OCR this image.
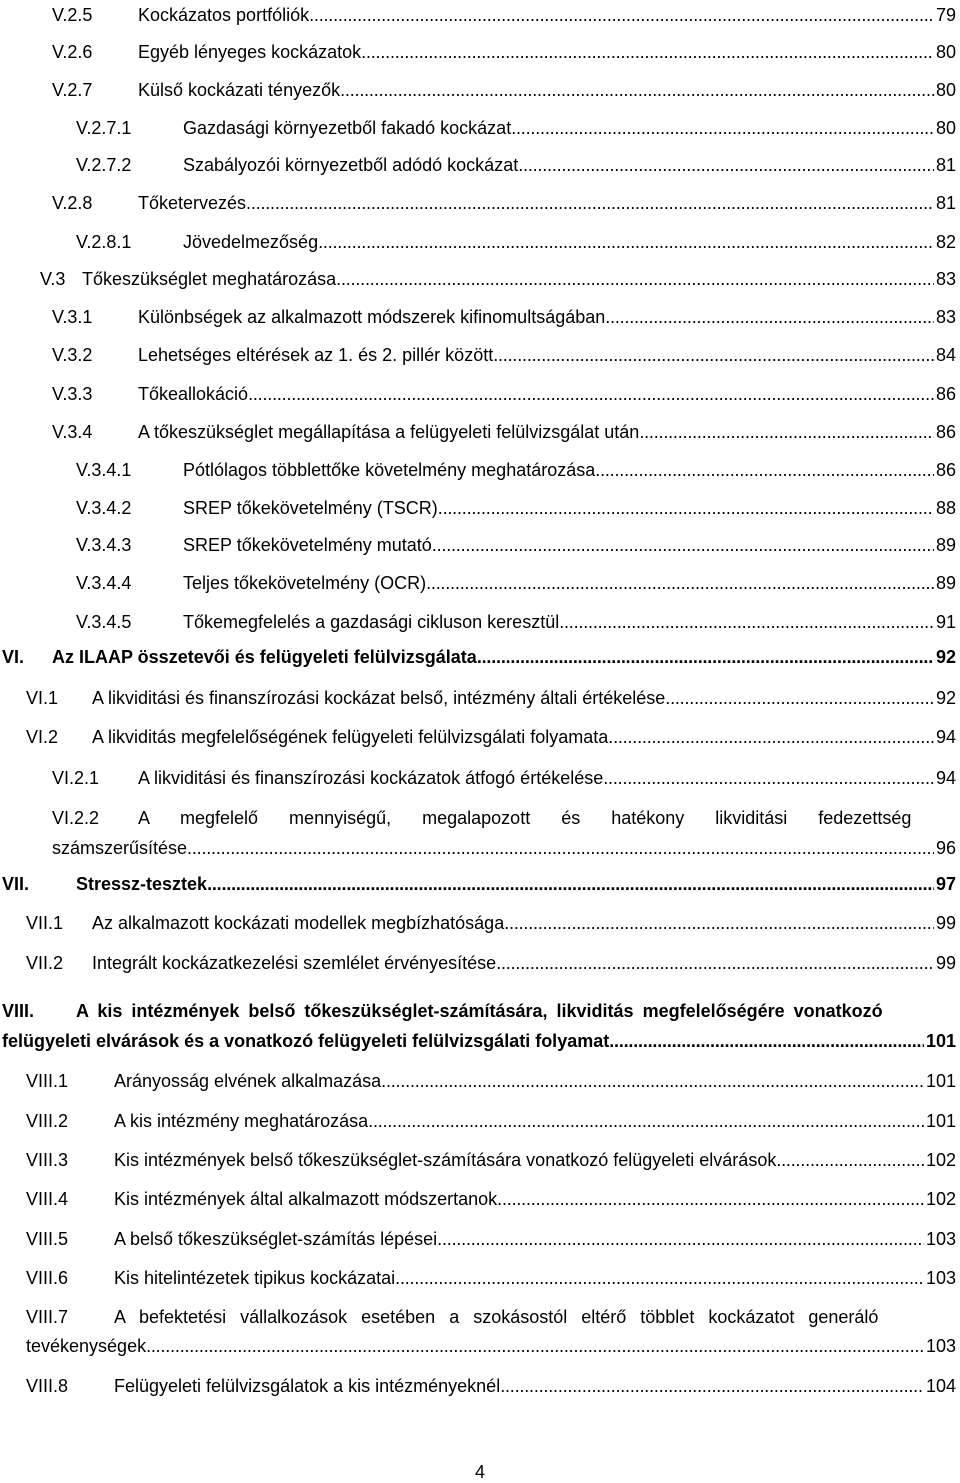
V.2.5	Kockázatos portfóliók . . .	79
V.2.6	Egyéb lényeges kockázatok . . .	80
V.2.7	Külső kockázati tényezők . . .	80
V.2.7.1	Gazdasági környezetből fakadó kockázat . . .	80
V.2.7.2	Szabályozói környezetből adódó kockázat . . .	81
V.2.8	Tőketervezés . . .	81
V.2.8.1	Jövedelmezőség . . .	82
V.3 Tőkeszükséglet meghatározása . . .	83
V.3.1	Különbségek az alkalmazott módszerek kifinomultságában . . .	83
V.3.2	Lehetséges eltérések az 1. és 2. pillér között . . .	84
V.3.3	Tőkeallokáció . . .	86
V.3.4	A tőkeszükséglet megállapítása a felügyeleti felülvizsgálat után . . .	86
V.3.4.1	Pótlólagos többlettőke követelmény meghatározása . . .	86
V.3.4.2	SREP tőkekövetelmény (TSCR) . . .	88
V.3.4.3	SREP tőkekövetelmény mutató . . .	89
V.3.4.4	Teljes tőkekövetelmény (OCR) . . .	89
V.3.4.5	Tőkemegfelelés a gazdasági cikluson keresztül . . .	91
VI. Az ILAAP összetevői és felügyeleti felülvizsgálata . . .	92
VI.1 A likviditási és finanszírozási kockázat belső, intézmény általi értékelése . . .	92
VI.2 A likviditás megfelelőségének felügyeleti felülvizsgálati folyamata . . .	94
VI.2.1 A likviditási és finanszírozási kockázatok átfogó értékelése . . .	94
VI.2.2 A megfelelő mennyiségű, megalapozott és hatékony likviditási fedezettség
számszerűsítése . . .	96
VII.	Stressz-tesztek . . .	97
VII.1 Az alkalmazott kockázati modellek megbízhatósága . . .	99
VII.2 Integrált kockázatkezelési szemlélet érvényesítése . . .	99
VIII. A kis intézmények belső tőkeszükséglet-számítására, likviditás megfelelőségére vonatkozó
felügyeleti elvárások és a vonatkozó felügyeleti felülvizsgálati folyamat . . .	101
VIII.1	Arányosság elvének alkalmazása . . .	101
VIII.2	A kis intézmény meghatározása . . .	101
VIII.3	Kis intézmények belső tőkeszükséglet-számítására vonatkozó felügyeleti elvárások . . .	102
VIII.4	Kis intézmények által alkalmazott módszertanok . . .	102
VIII.5	A belső tőkeszükséglet-számítás lépései . . .	103
VIII.6	Kis hitelintézetek tipikus kockázatai . . .	103
VIII.7	A befektetési vállalkozások esetében a szokásostól eltérő többlet kockázatot generáló
tevékenységek . . .	103
VIII.8	Felügyeleti felülvizsgálatok a kis intézményeknél . . .	104
4
